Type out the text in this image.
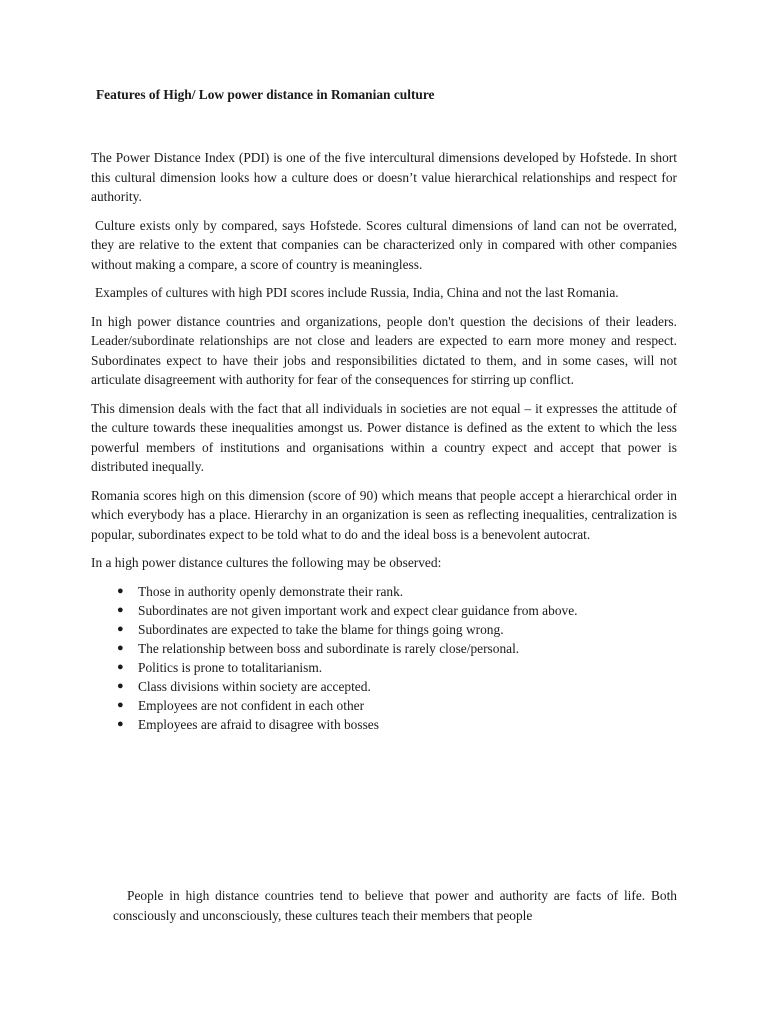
Features of High/ Low power distance in Romanian culture

The Power Distance Index (PDI) is one of the five intercultural dimensions developed by Hofstede. In short this cultural dimension looks how a culture does or doesn’t value hierarchical relationships and respect for authority.

Culture exists only by compared, says Hofstede. Scores cultural dimensions of land can not be overrated, they are relative to the extent that companies can be characterized only in compared with other companies without making a compare, a score of country is meaningless.

Examples of cultures with high PDI scores include Russia, India, China and not the last Romania.

In high power distance countries and organizations, people don't question the decisions of their leaders. Leader/subordinate relationships are not close and leaders are expected to earn more money and respect. Subordinates expect to have their jobs and responsibilities dictated to them, and in some cases, will not articulate disagreement with authority for fear of the consequences for stirring up conflict.

This dimension deals with the fact that all individuals in societies are not equal – it expresses the attitude of the culture towards these inequalities amongst us. Power distance is defined as the extent to which the less powerful members of institutions and organisations within a country expect and accept that power is distributed inequally.

Romania scores high on this dimension (score of 90) which means that people accept a hierarchical order in which everybody has a place. Hierarchy in an organization is seen as reflecting inequalities, centralization is popular, subordinates expect to be told what to do and the ideal boss is a benevolent autocrat.

In a high power distance cultures the following may be observed:

● Those in authority openly demonstrate their rank.
● Subordinates are not given important work and expect clear guidance from above.
● Subordinates are expected to take the blame for things going wrong.
● The relationship between boss and subordinate is rarely close/personal.
● Politics is prone to totalitarianism.
● Class divisions within society are accepted.
● Employees are not confident in each other
● Employees are afraid to disagree with bosses

People in high distance countries tend to believe that power and authority are facts of life. Both consciously and unconsciously, these cultures teach their members that people
